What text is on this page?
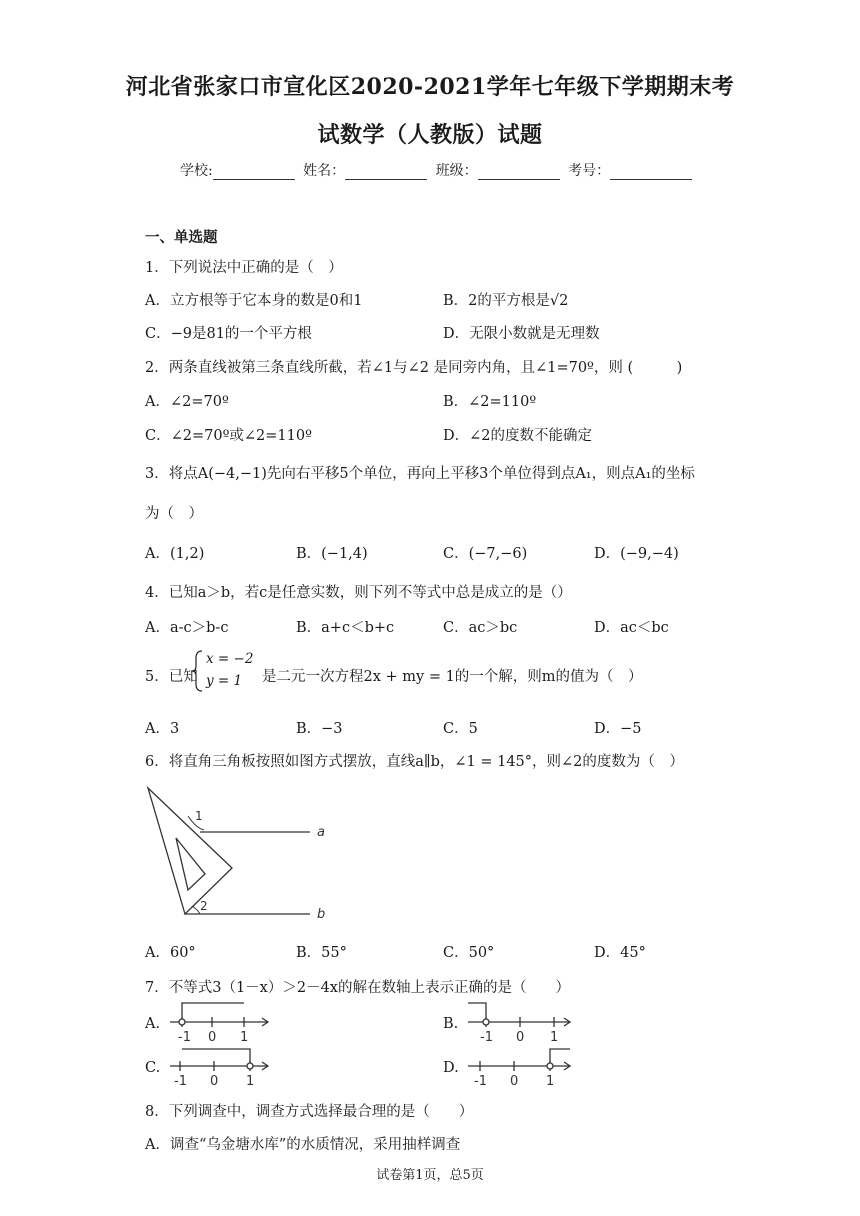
河北省张家口市宣化区2020-2021学年七年级下学期期末考
试数学（人教版）试题
学校:	姓名：	班级：	考号：
一、单选题
1．下列说法中正确的是（　）
A．立方根等于它本身的数是0和1	B．2的平方根是√2
C．−9是81的一个平方根	D．无限小数就是无理数
2．两条直线被第三条直线所截，若∠1与∠2 是同旁内角，且∠1=70º，则 (　　　)
A．∠2=70º	B．∠2=110º
C．∠2=70º或∠2=110º	D．∠2的度数不能确定
3．将点A(−4,−1)先向右平移5个单位，再向上平移3个单位得到点A₁，则点A₁的坐标
为（　）
A．(1,2)	B．(−1,4)	C．(−7,−6)	D．(−9,−4)
4．已知a＞b，若c是任意实数，则下列不等式中总是成立的是（）
A．a-c＞b-c	B．a+c＜b+c	C．ac＞bc	D．ac＜bc
5．已知
x = −2
y = 1 是二元一次方程2x + my = 1的一个解，则m的值为（　）
A．3	B．−3	C．5	D．−5
6．将直角三角板按照如图方式摆放，直线a∥b，∠1 = 145°，则∠2的度数为（　）
1
2
a
b
A．60°	B．55°	C．50°	D．45°
7．不等式3（1－x）＞2－4x的解在数轴上表示正确的是（　　）
A.
-1 0 1
B.
-1 0 1
C.
-1 0 1
D.
-1 0 1
8．下列调查中，调查方式选择最合理的是（　　）
A．调查“乌金塘水库”的水质情况，采用抽样调查
试卷第1页，总5页
